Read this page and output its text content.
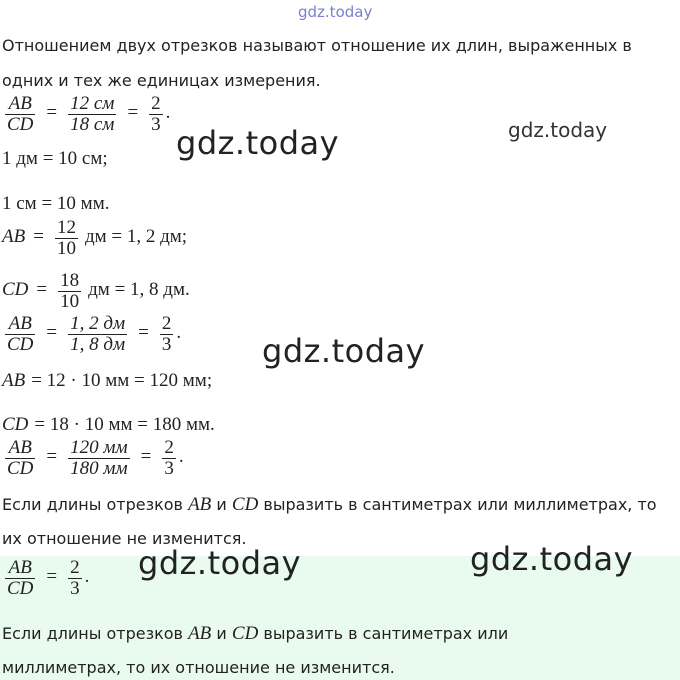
gdz.today
Отношением двух отрезков называют отношение их длин, выраженных в
одних и тех же единицах измерения.
$\frac{AB}{CD} = \frac{12 см}{18 см} = \frac{2}{3}$ .
gdz.today	gdz.today
1 дм = 10 см;
1 см = 10 мм.
AB = $\frac{12}{10}$ дм = 1, 2 дм;
CD = $\frac{18}{10}$ дм = 1, 8 дм.
$\frac{AB}{CD} = \frac{1, 2 дм}{1, 8 дм} = \frac{2}{3}$ .	gdz.today
AB = 12 · 10 мм = 120 мм;
CD = 18 · 10 мм = 180 мм.
$\frac{AB}{CD} = \frac{120 мм}{180 мм} = \frac{2}{3}$ .
Если длины отрезков AB и CD выразить в сантиметрах или миллиметрах, то
их отношение не изменится.
$\frac{AB}{CD} = \frac{2}{3}$ . gdz.today	gdz.today
Если длины отрезков AB и CD выразить в сантиметрах или
миллиметрах, то их отношение не изменится.
